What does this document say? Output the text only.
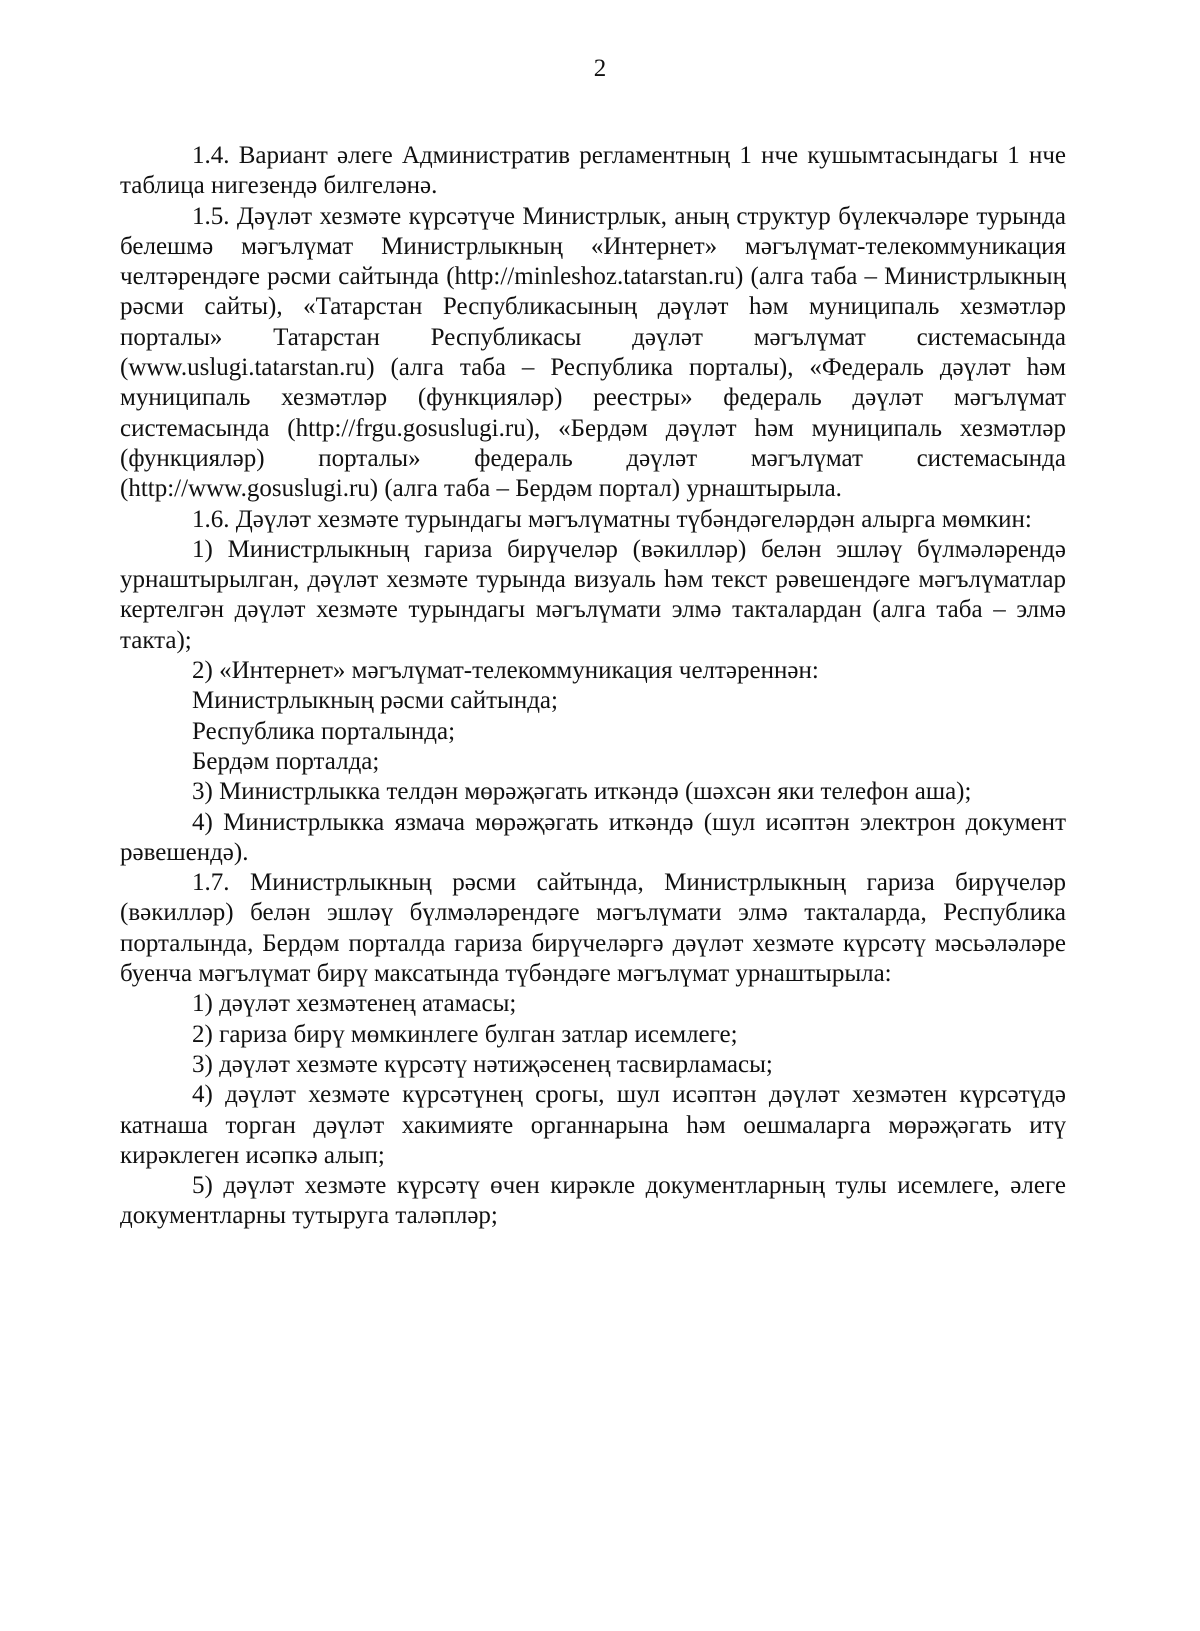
2

1.4. Вариант әлеге Административ регламентның 1 нче кушымтасындагы 1 нче таблица нигезендә билгеләнә.

1.5. Дәүләт хезмәте күрсәтүче Министрлык, аның структур бүлекчәләре турында белешмә мәгълүмат Министрлыкның «Интернет» мәгълүмат-телекоммуникация челтәрендәге рәсми сайтында (http://minleshoz.tatarstan.ru) (алга таба – Министрлыкның рәсми сайты), «Татарстан Республикасының дәүләт һәм муниципаль хезмәтләр порталы» Татарстан Республикасы дәүләт мәгълүмат системасында (www.uslugi.tatarstan.ru) (алга таба – Республика порталы), «Федераль дәүләт һәм муниципаль хезмәтләр (функцияләр) реестры» федераль дәүләт мәгълүмат системасында (http://frgu.gosuslugi.ru), «Бердәм дәүләт һәм муниципаль хезмәтләр (функцияләр) порталы» федераль дәүләт мәгълүмат системасында (http://www.gosuslugi.ru) (алга таба – Бердәм портал) урнаштырыла.

1.6. Дәүләт хезмәте турындагы мәгълүматны түбәндәгеләрдән алырга мөмкин:

1) Министрлыкның гариза бирүчеләр (вәкилләр) белән эшләү бүлмәләрендә урнаштырылган, дәүләт хезмәте турында визуаль һәм текст рәвешендәге мәгълүматлар кертелгән дәүләт хезмәте турындагы мәгълүмати элмә такталардан (алга таба – элмә такта);

2) «Интернет» мәгълүмат-телекоммуникация челтәреннән:

Министрлыкның рәсми сайтында;

Республика порталында;

Бердәм порталда;

3) Министрлыкка телдән мөрәҗәгать иткәндә (шәхсән яки телефон аша);

4) Министрлыкка язмача мөрәҗәгать иткәндә (шул исәптән электрон документ рәвешендә).

1.7. Министрлыкның рәсми сайтында, Министрлыкның гариза бирүчеләр (вәкилләр) белән эшләү бүлмәләрендәге мәгълүмати элмә такталарда, Республика порталында, Бердәм порталда гариза бирүчеләргә дәүләт хезмәте күрсәтү мәсьәләләре буенча мәгълүмат бирү максатында түбәндәге мәгълүмат урнаштырыла:

1) дәүләт хезмәтенең атамасы;

2) гариза бирү мөмкинлеге булган затлар исемлеге;

3) дәүләт хезмәте күрсәтү нәтиҗәсенең тасвирламасы;

4) дәүләт хезмәте күрсәтүнең срогы, шул исәптән дәүләт хезмәтен күрсәтүдә катнаша торган дәүләт хакимияте органнарына һәм оешмаларга мөрәҗәгать итү кирәклеген исәпкә алып;

5) дәүләт хезмәте күрсәтү өчен кирәкле документларның тулы исемлеге, әлеге документларны тутыруга таләпләр;
